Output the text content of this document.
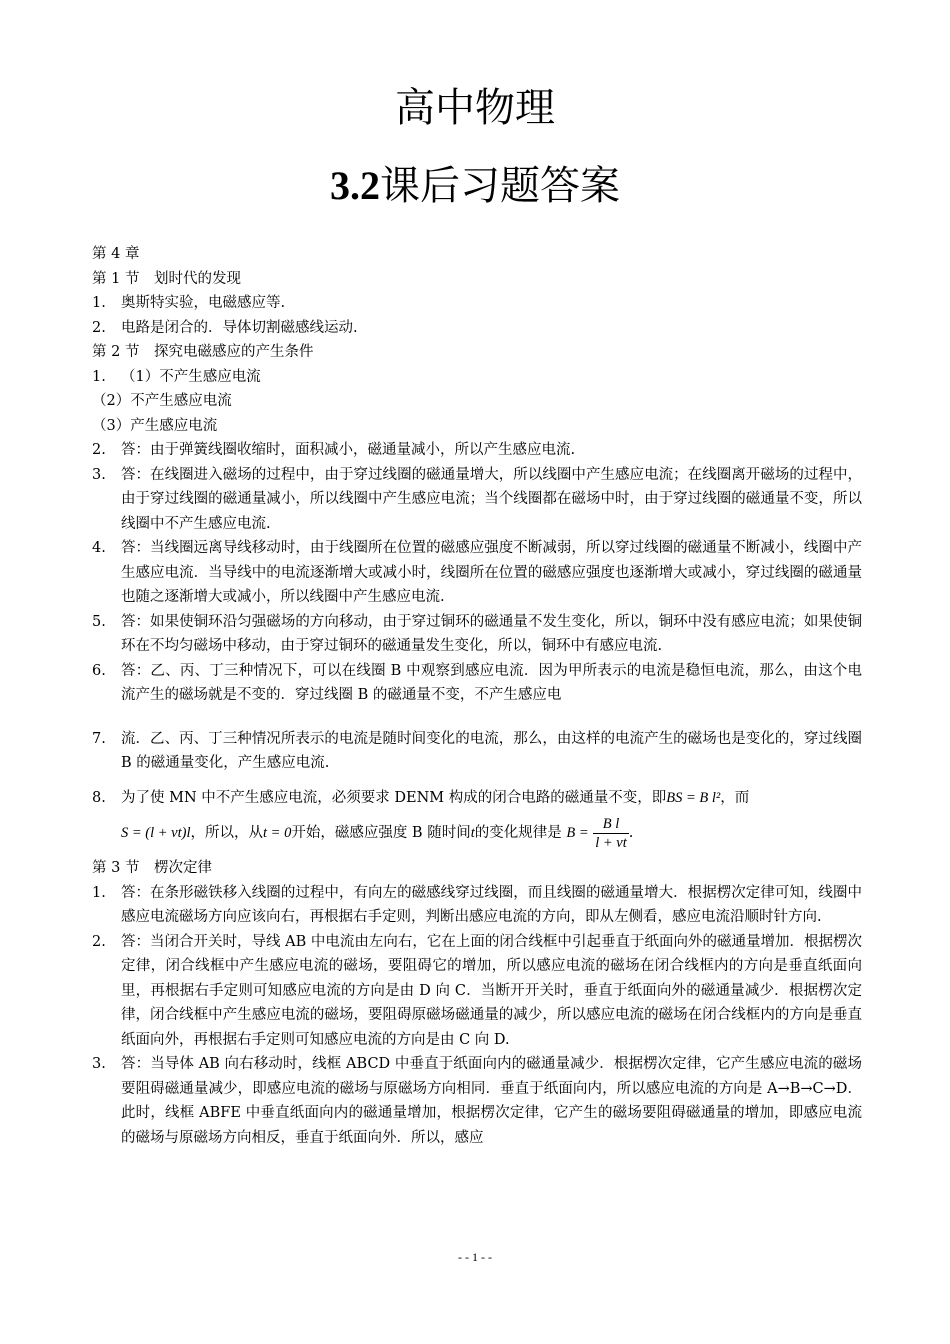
高中物理
3.2课后习题答案
第 4 章
第 1 节　划时代的发现
1.	奥斯特实验，电磁感应等.
2.	电路是闭合的．导体切割磁感线运动.
第 2 节　探究电磁感应的产生条件
1.	（1）不产生感应电流
（2）不产生感应电流
（3）产生感应电流
2.	答：由于弹簧线圈收缩时，面积减小，磁通量减小，所以产生感应电流.
3.	答：在线圈进入磁场的过程中，由于穿过线圈的磁通量增大，所以线圈中产生感应电流；在线圈离开磁场的过程中，由于穿过线圈的磁通量减小，所以线圈中产生感应电流；当个线圈都在磁场中时，由于穿过线圈的磁通量不变，所以线圈中不产生感应电流.
4.	答：当线圈远离导线移动时，由于线圈所在位置的磁感应强度不断减弱，所以穿过线圈的磁通量不断减小，线圈中产生感应电流．当导线中的电流逐渐增大或减小时，线圈所在位置的磁感应强度也逐渐增大或减小，穿过线圈的磁通量也随之逐渐增大或减小，所以线圈中产生感应电流.
5.	答：如果使铜环沿匀强磁场的方向移动，由于穿过铜环的磁通量不发生变化，所以，铜环中没有感应电流；如果使铜环在不均匀磁场中移动，由于穿过铜环的磁通量发生变化，所以，铜环中有感应电流.
6.	答：乙、丙、丁三种情况下，可以在线圈 B 中观察到感应电流．因为甲所表示的电流是稳恒电流，那么，由这个电流产生的磁场就是不变的．穿过线圈 B 的磁通量不变，不产生感应电
7.	流．乙、丙、丁三种情况所表示的电流是随时间变化的电流，那么，由这样的电流产生的磁场也是变化的，穿过线圈 B 的磁通量变化，产生感应电流.
8.	为了使 MN 中不产生感应电流，必须要求 DENM 构成的闭合电路的磁通量不变，即BS = B l²，而
S = (l + vt)l，所以，从t = 0开始，磁感应强度 B 随时间t的变化规律是 $B = \frac{\text{B l}}{l + vt}$ .
第 3 节　楞次定律
1.	答：在条形磁铁移入线圈的过程中，有向左的磁感线穿过线圈，而且线圈的磁通量增大．根据楞次定律可知，线圈中感应电流磁场方向应该向右，再根据右手定则，判断出感应电流的方向，即从左侧看，感应电流沿顺时针方向.
2.	答：当闭合开关时，导线 AB 中电流由左向右，它在上面的闭合线框中引起垂直于纸面向外的磁通量增加．根据楞次定律，闭合线框中产生感应电流的磁场，要阻碍它的增加，所以感应电流的磁场在闭合线框内的方向是垂直纸面向里，再根据右手定则可知感应电流的方向是由 D 向 C．当断开开关时，垂直于纸面向外的磁通量减少．根据楞次定律，闭合线框中产生感应电流的磁场，要阻碍原磁场磁通量的减少，所以感应电流的磁场在闭合线框内的方向是垂直纸面向外，再根据右手定则可知感应电流的方向是由 C 向 D.
3.	答：当导体 AB 向右移动时，线框 ABCD 中垂直于纸面向内的磁通量减少．根据楞次定律，它产生感应电流的磁场要阻碍磁通量减少，即感应电流的磁场与原磁场方向相同．垂直于纸面向内，所以感应电流的方向是 A→B→C→D．此时，线框 ABFE 中垂直纸面向内的磁通量增加，根据楞次定律，它产生的磁场要阻碍磁通量的增加，即感应电流的磁场与原磁场方向相反，垂直于纸面向外．所以，感应
- - 1 - -
